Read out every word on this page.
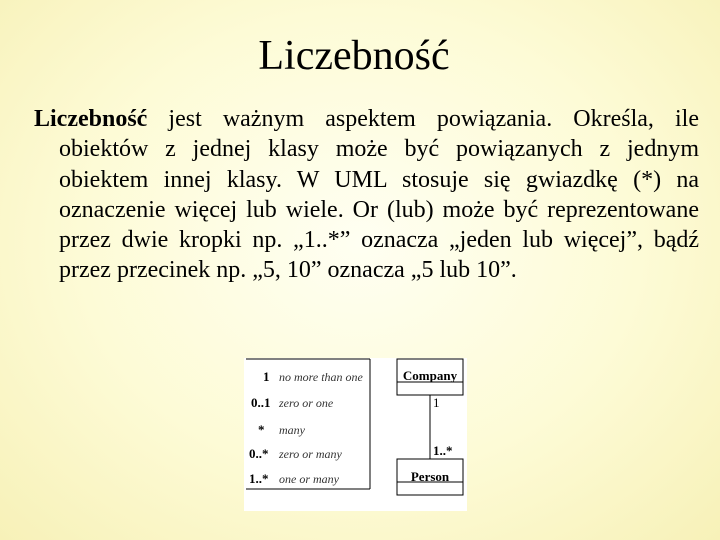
Liczebność
Liczebność jest ważnym aspektem powiązania. Określa, ile obiektów z jednej klasy może być powiązanych z jednym obiektem innej klasy. W UML stosuje się gwiazdkę (*) na oznaczenie więcej lub wiele. Or (lub) może być reprezentowane przez dwie kropki np. „1..*” oznacza „jeden lub więcej”, bądź przez przecinek np. „5, 10” oznacza „5 lub 10”.
1 no more than one
0..1 zero or one
* many
0..* zero or many
1..* one or many
Company
Person
1
1..*
